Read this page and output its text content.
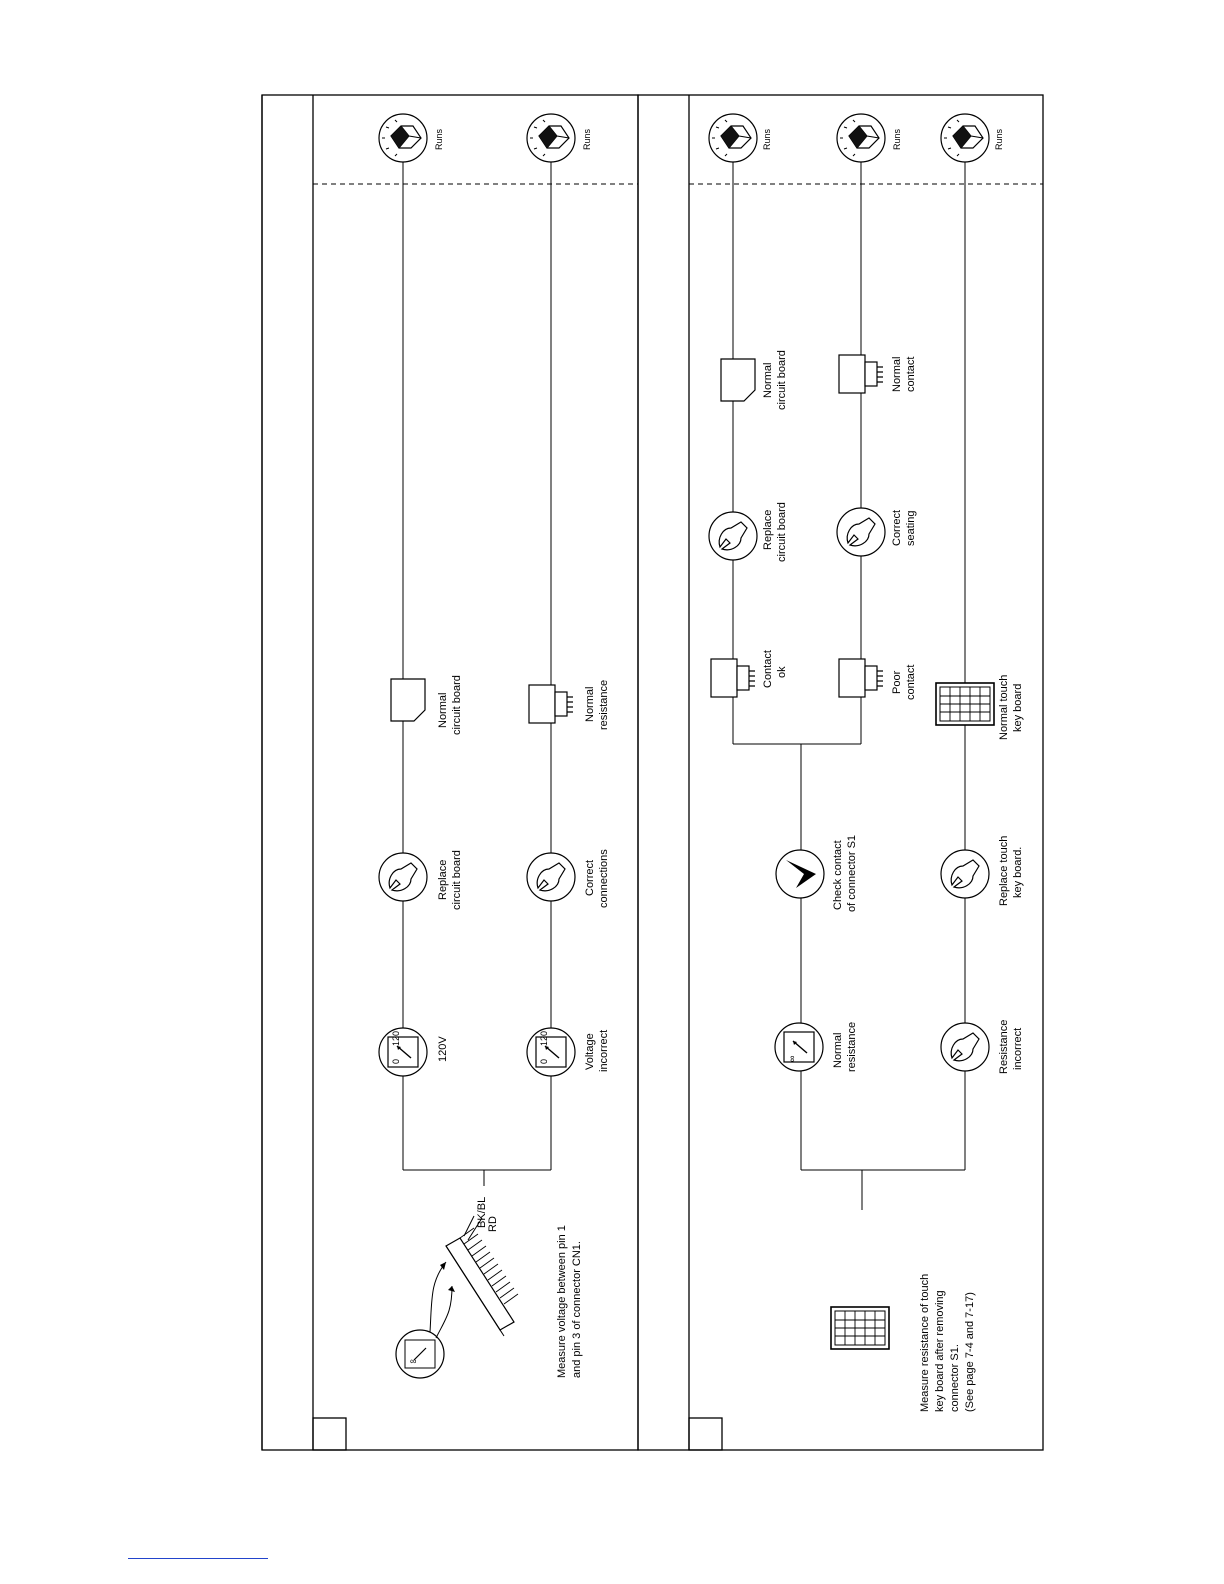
∞
BK/BL RD
Measure voltage between pin 1 and pin 3 of connector CN1.
0
120	120V
Replace circuit board
Normal circuit board
Runs
0
120	Voltage incorrect
Correct connections
Normal resistance
Runs
Measure resistance of touch key board after removing connector S1. (See page 7-4 and 7-17)
∞	Normal resistance
Check contact of connector S1
Contact ok
Replace circuit board
Normal circuit board
Runs
Poor contact
Correct seating
Normal contact
Runs
Resistance incorrect
Replace touch key board.
Normal touch key board
Runs
